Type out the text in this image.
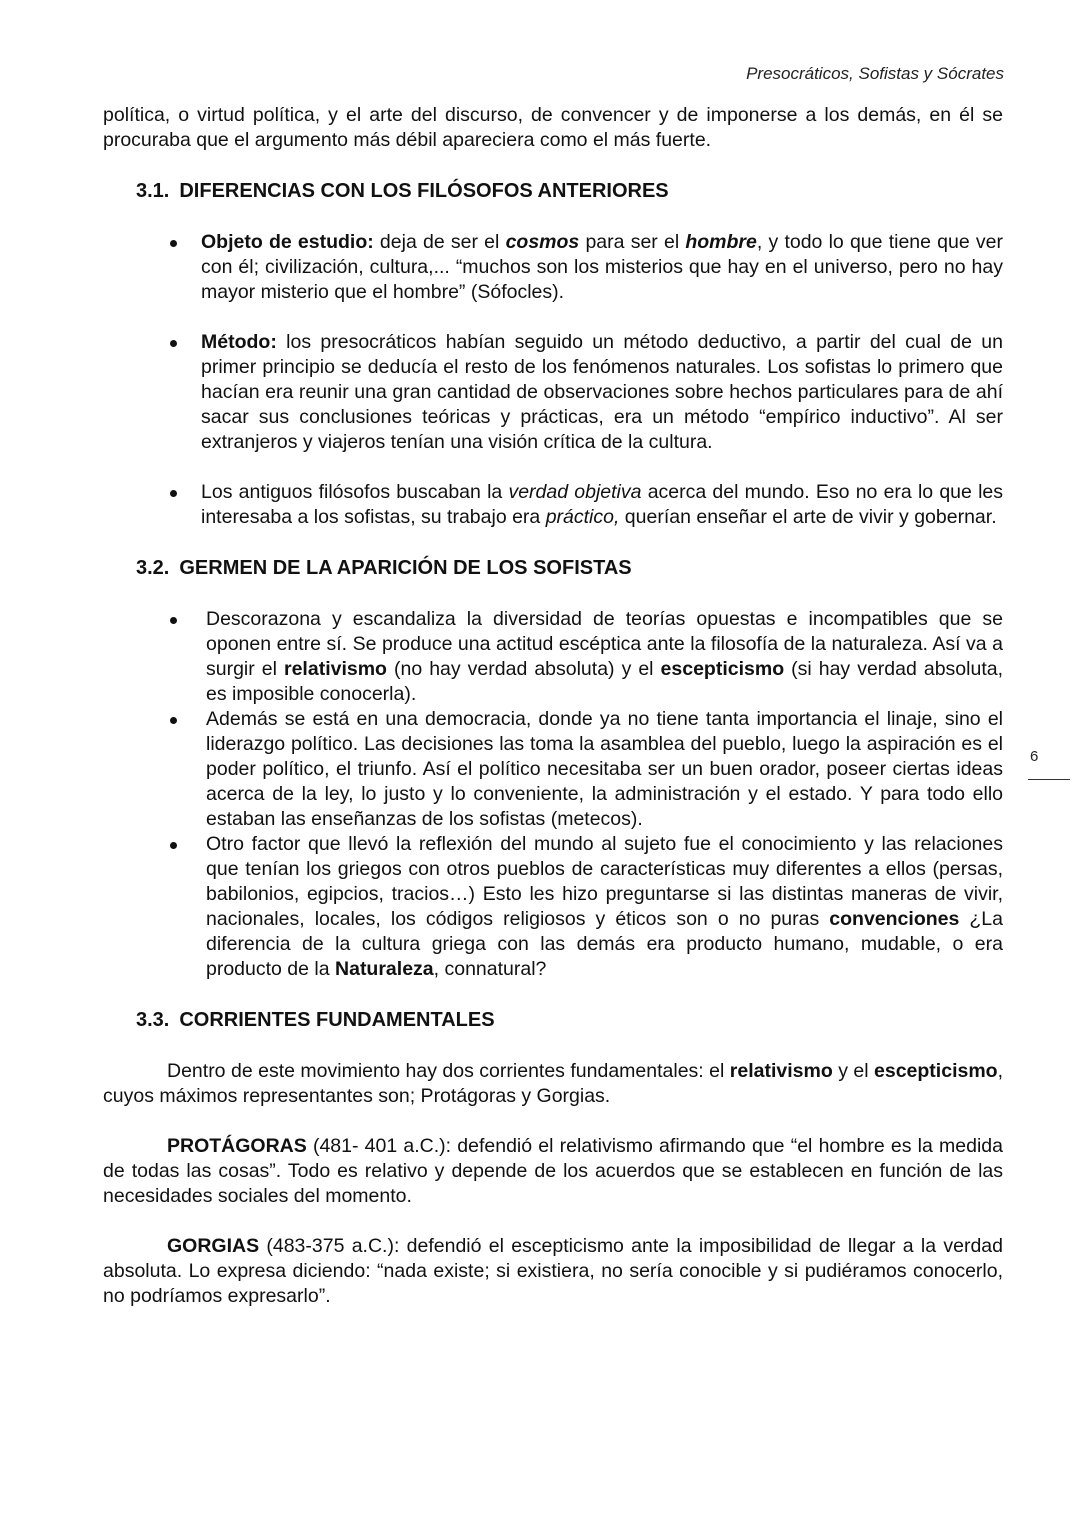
Presocráticos, Sofistas y Sócrates
6

política, o virtud política, y el arte del discurso, de convencer y de imponerse a los demás, en él se procuraba que el argumento más débil apareciera como el más fuerte.

3.1. DIFERENCIAS CON LOS FILÓSOFOS ANTERIORES
Objeto de estudio: deja de ser el cosmos para ser el hombre, y todo lo que tiene que ver con él; civilización, cultura,... “muchos son los misterios que hay en el universo, pero no hay mayor misterio que el hombre” (Sófocles).
Método: los presocráticos habían seguido un método deductivo, a partir del cual de un primer principio se deducía el resto de los fenómenos naturales. Los sofistas lo primero que hacían era reunir una gran cantidad de observaciones sobre hechos particulares para de ahí sacar sus conclusiones teóricas y prácticas, era un método “empírico inductivo”. Al ser extranjeros y viajeros tenían una visión crítica de la cultura.
Los antiguos filósofos buscaban la verdad objetiva acerca del mundo. Eso no era lo que les interesaba a los sofistas, su trabajo era práctico, querían enseñar el arte de vivir y gobernar.
3.2. GERMEN DE LA APARICIÓN DE LOS SOFISTAS
Descorazona y escandaliza la diversidad de teorías opuestas e incompatibles que se oponen entre sí. Se produce una actitud escéptica ante la filosofía de la naturaleza. Así va a surgir el relativismo (no hay verdad absoluta) y el escepticismo (si hay verdad absoluta, es imposible conocerla).
Además se está en una democracia, donde ya no tiene tanta importancia el linaje, sino el liderazgo político. Las decisiones las toma la asamblea del pueblo, luego la aspiración es el poder político, el triunfo. Así el político necesitaba ser un buen orador, poseer ciertas ideas acerca de la ley, lo justo y lo conveniente, la administración y el estado. Y para todo ello estaban las enseñanzas de los sofistas (metecos).
Otro factor que llevó la reflexión del mundo al sujeto fue el conocimiento y las relaciones que tenían los griegos con otros pueblos de características muy diferentes a ellos (persas, babilonios, egipcios, tracios…) Esto les hizo preguntarse si las distintas maneras de vivir, nacionales, locales, los códigos religiosos y éticos son o no puras convenciones ¿La diferencia de la cultura griega con las demás era producto humano, mudable, o era producto de la Naturaleza, connatural?
3.3. CORRIENTES FUNDAMENTALES

Dentro de este movimiento hay dos corrientes fundamentales: el relativismo y el escepticismo, cuyos máximos representantes son; Protágoras y Gorgias.

PROTÁGORAS (481- 401 a.C.): defendió el relativismo afirmando que “el hombre es la medida de todas las cosas”. Todo es relativo y depende de los acuerdos que se establecen en función de las necesidades sociales del momento.

GORGIAS (483-375 a.C.): defendió el escepticismo ante la imposibilidad de llegar a la verdad absoluta. Lo expresa diciendo: “nada existe; si existiera, no sería conocible y si pudiéramos conocerlo, no podríamos expresarlo”.
